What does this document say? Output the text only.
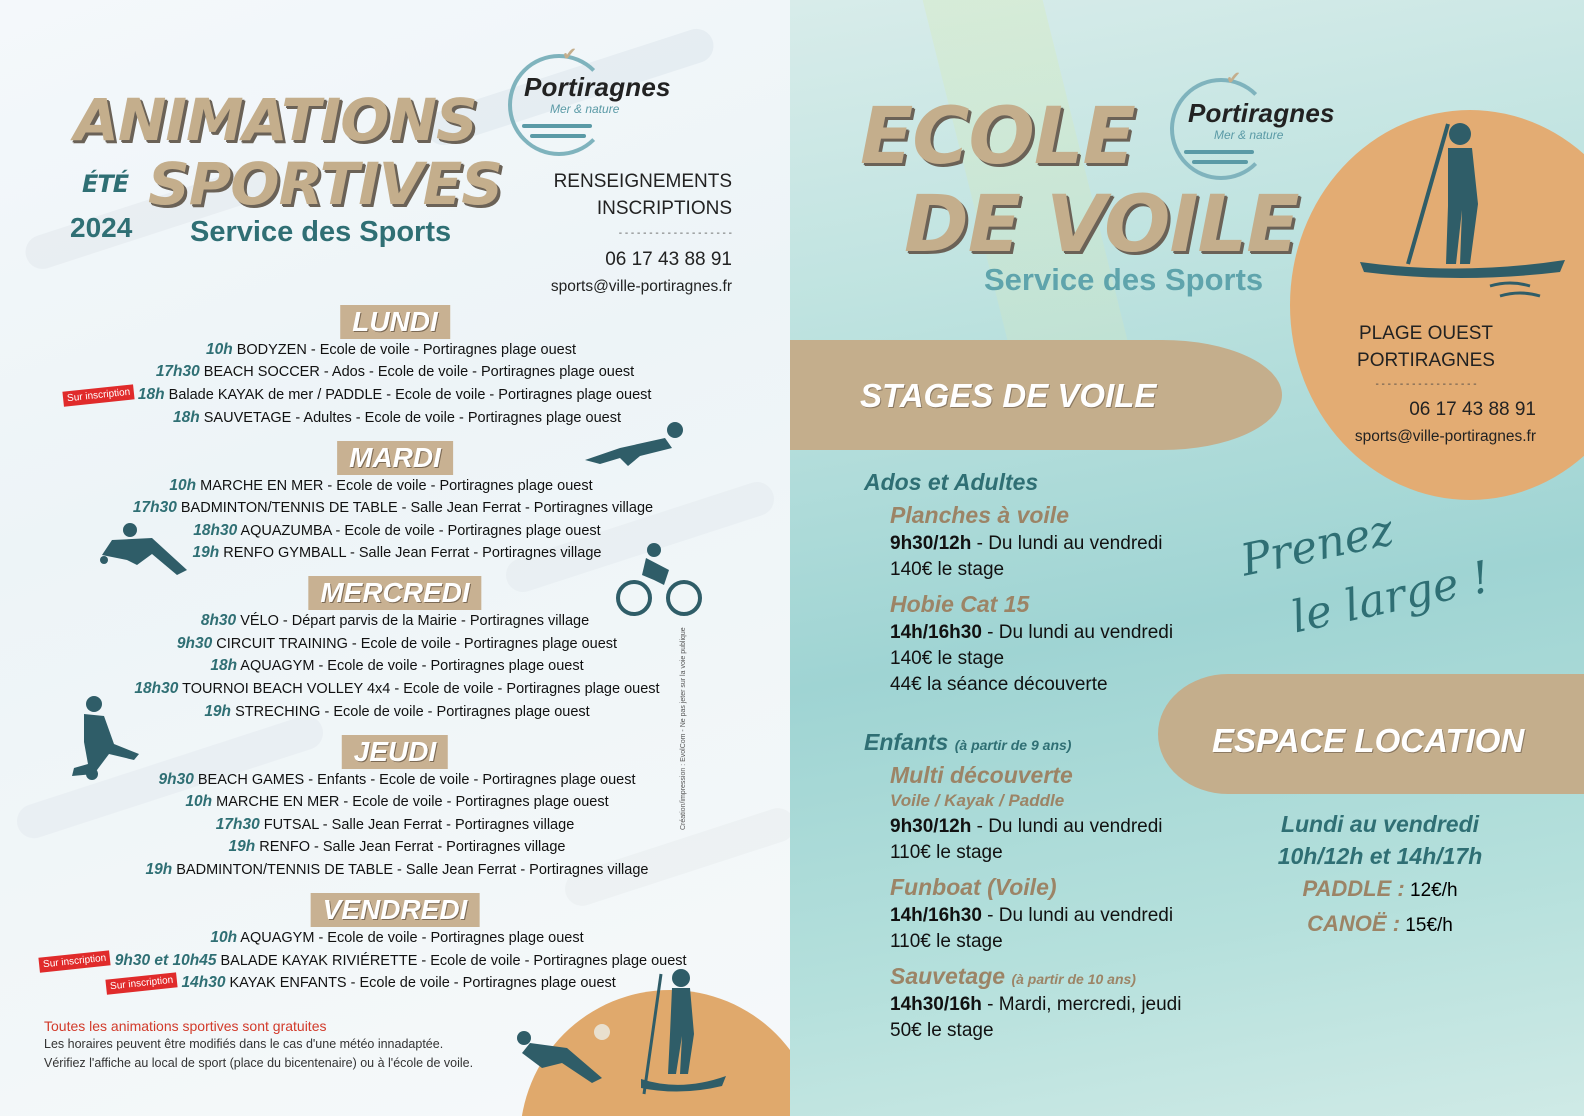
ANIMATIONS
ÉTÉ SPORTIVES
2024 Service des Sports
✔
Portiragnes
Mer & nature
RENSEIGNEMENTS
INSCRIPTIONS
- - - - - - - - - - - - - - - - - - -
06 17 43 88 91
sports@ville-portiragnes.fr
LUNDI
10h BODYZEN - Ecole de voile - Portiragnes plage ouest
17h30 BEACH SOCCER - Ados - Ecole de voile - Portiragnes plage ouest
Sur inscription 18h Balade KAYAK de mer / PADDLE - Ecole de voile - Portiragnes plage ouest
18h SAUVETAGE - Adultes - Ecole de voile - Portiragnes plage ouest
MARDI
10h MARCHE EN MER - Ecole de voile - Portiragnes plage ouest
17h30 BADMINTON/TENNIS DE TABLE - Salle Jean Ferrat - Portiragnes village
18h30 AQUAZUMBA - Ecole de voile - Portiragnes plage ouest
19h RENFO GYMBALL - Salle Jean Ferrat - Portiragnes village
MERCREDI
8h30 VÉLO - Départ parvis de la Mairie - Portiragnes village
9h30 CIRCUIT TRAINING - Ecole de voile - Portiragnes plage ouest
18h AQUAGYM - Ecole de voile - Portiragnes plage ouest
18h30 TOURNOI BEACH VOLLEY 4x4 - Ecole de voile - Portiragnes plage ouest
19h STRECHING - Ecole de voile - Portiragnes plage ouest
JEUDI
9h30 BEACH GAMES - Enfants - Ecole de voile - Portiragnes plage ouest
10h MARCHE EN MER - Ecole de voile - Portiragnes plage ouest
17h30 FUTSAL - Salle Jean Ferrat - Portiragnes village
19h RENFO - Salle Jean Ferrat - Portiragnes village
19h BADMINTON/TENNIS DE TABLE - Salle Jean Ferrat - Portiragnes village
VENDREDI
10h AQUAGYM - Ecole de voile - Portiragnes plage ouest
Sur inscription 9h30 et 10h45 BALADE KAYAK RIVIÉRETTE - Ecole de voile - Portiragnes plage ouest
Sur inscription 14h30 KAYAK ENFANTS - Ecole de voile - Portiragnes plage ouest
Toutes les animations sportives sont gratuites
Les horaires peuvent être modifiés dans le cas d'une météo innadaptée.
Vérifiez l'affiche au local de sport (place du bicentenaire) ou à l'école de voile.
Création/impression : EvolCom - Ne pas jeter sur la voie publique
STAGES DE VOILE
ESPACE LOCATION
ECOLE
DE VOILE
Service des Sports
✔
Portiragnes
Mer & nature
PLAGE OUEST
PORTIRAGNES
- - - - - - - - - - - - - - - - -
06 17 43 88 91
sports@ville-portiragnes.fr
Prenez
le large !
Ados et Adultes
Planches à voile
9h30/12h - Du lundi au vendredi
140€ le stage
Hobie Cat 15
14h/16h30 - Du lundi au vendredi
140€ le stage
44€ la séance découverte
Enfants (à partir de 9 ans)
Multi découverte
Voile / Kayak / Paddle
9h30/12h - Du lundi au vendredi
110€ le stage
Funboat (Voile)
14h/16h30 - Du lundi au vendredi
110€ le stage
Sauvetage (à partir de 10 ans)
14h30/16h - Mardi, mercredi, jeudi
50€ le stage
Lundi au vendredi
10h/12h et 14h/17h
PADDLE : 12€/h
CANOË : 15€/h
